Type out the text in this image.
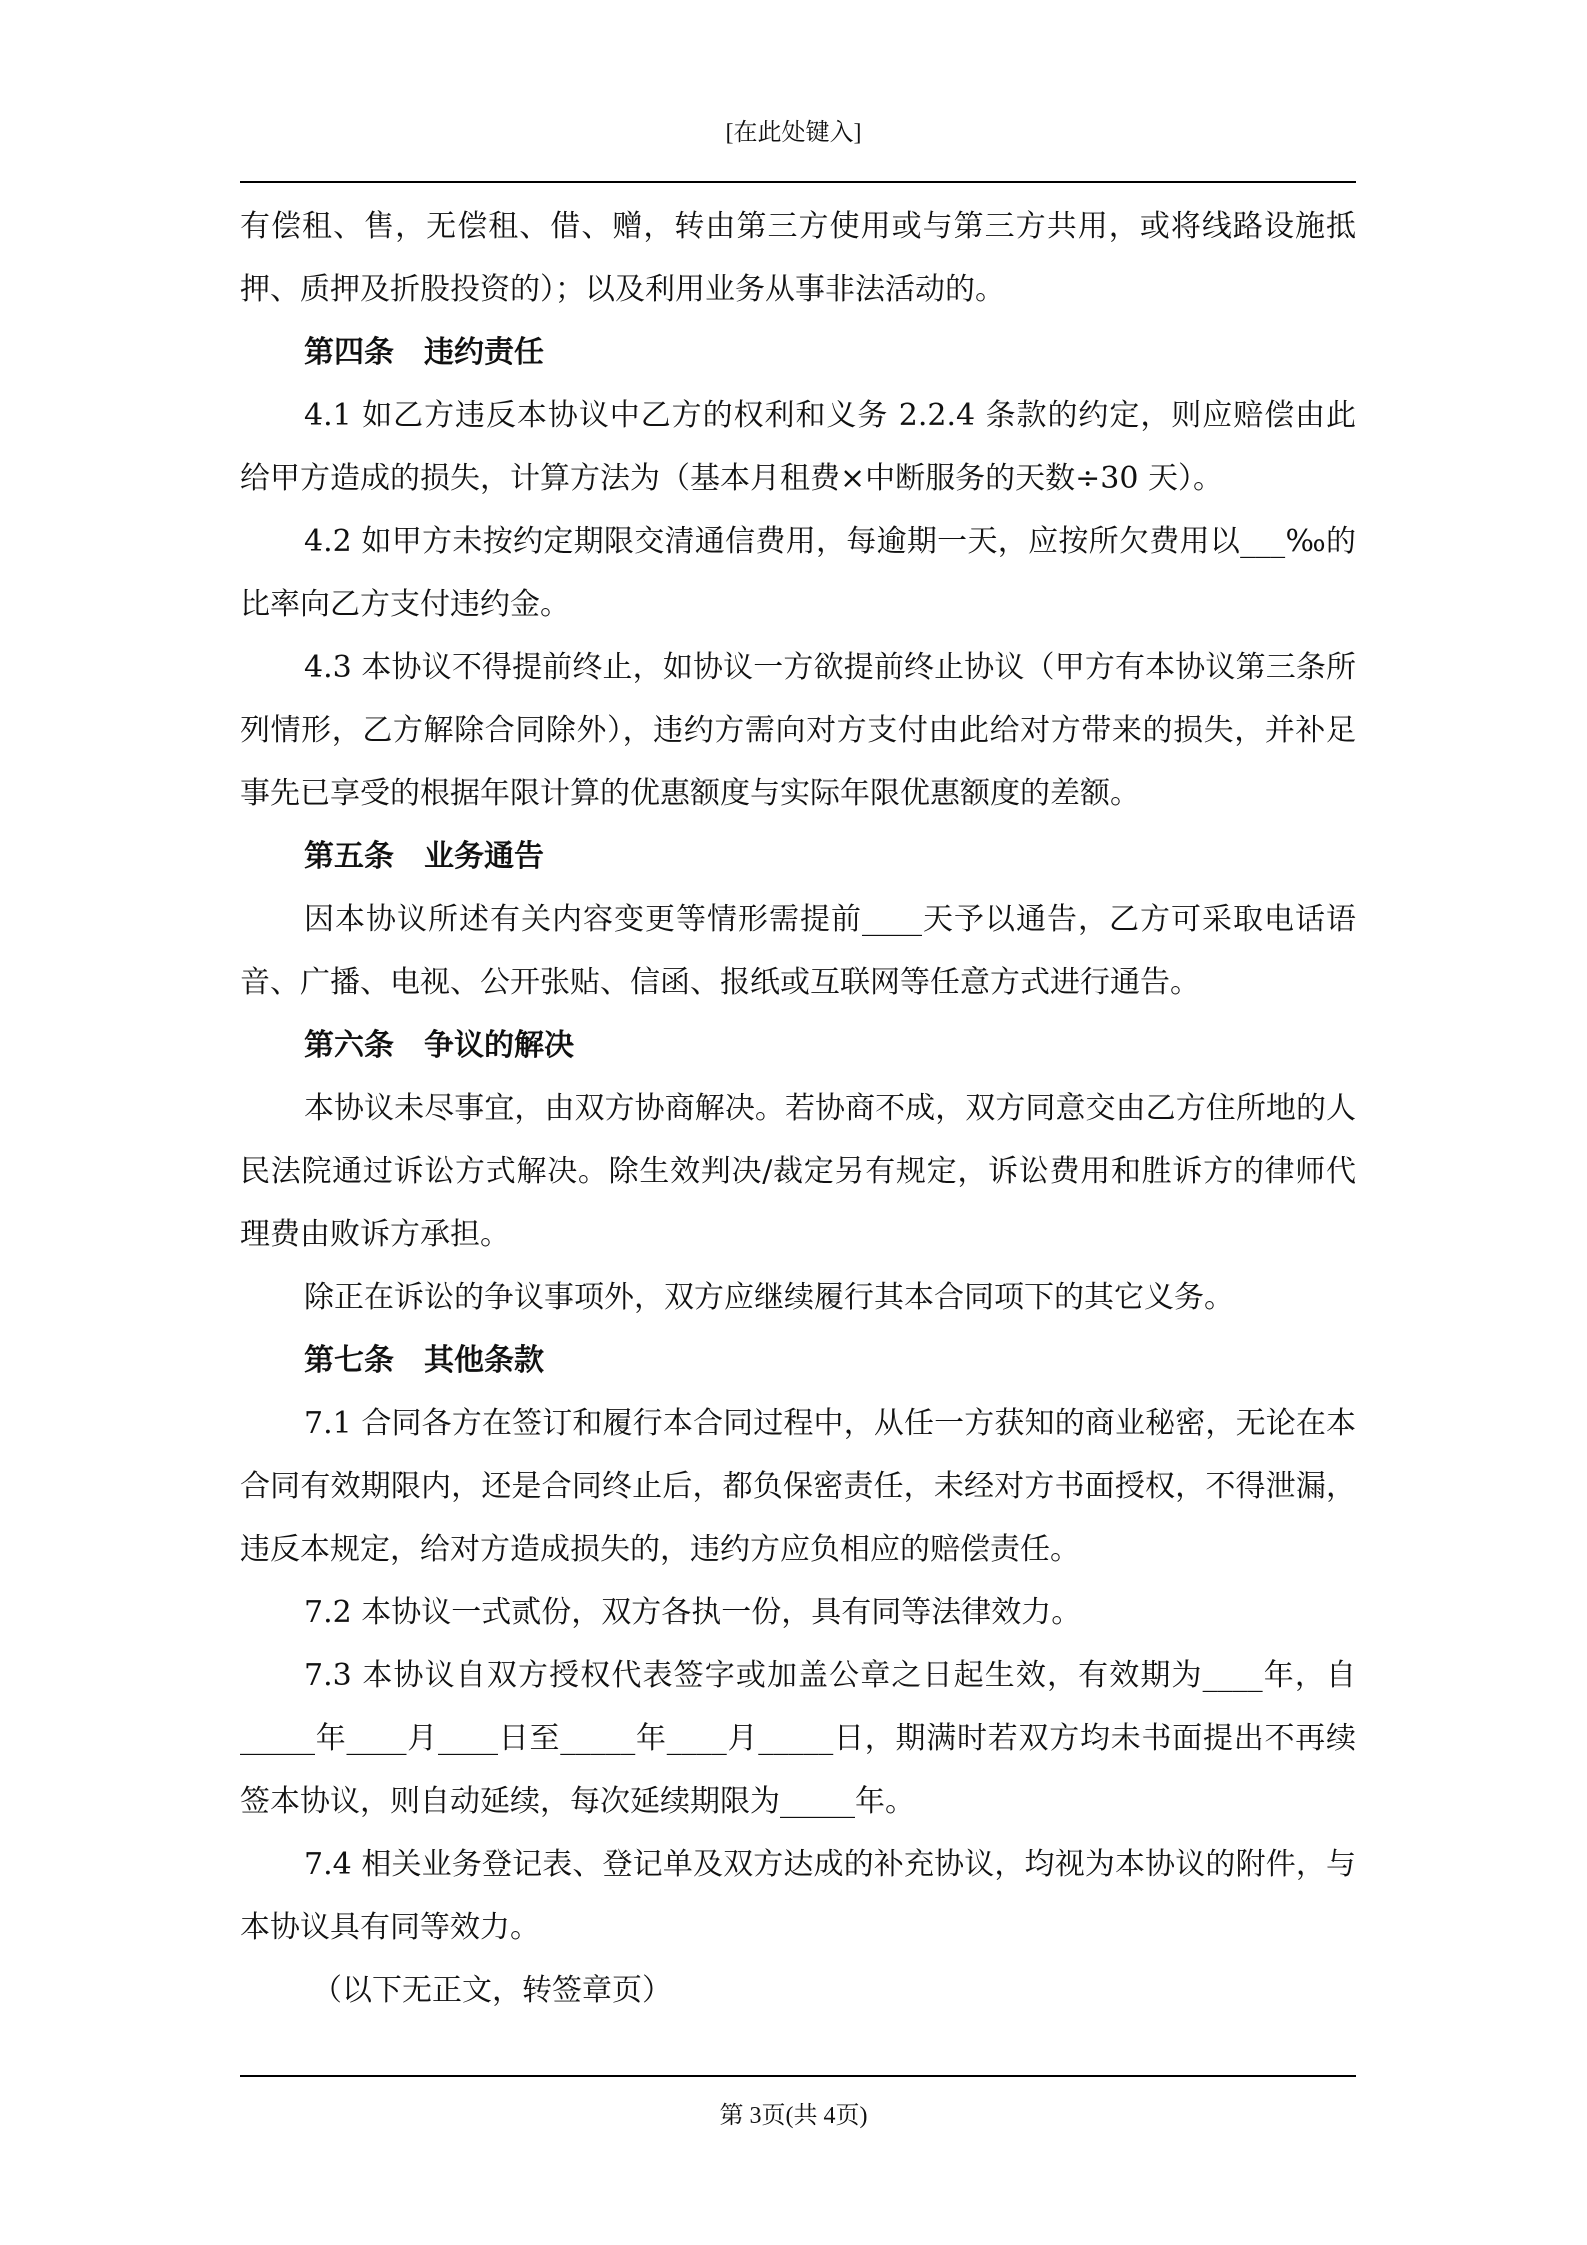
[在此处键入]

有偿租、售，无偿租、借、赠，转由第三方使用或与第三方共用，或将线路设施抵押、质押及折股投资的）；以及利用业务从事非法活动的。

第四条　违约责任

4.1 如乙方违反本协议中乙方的权利和义务 2.2.4 条款的约定，则应赔偿由此给甲方造成的损失，计算方法为（基本月租费×中断服务的天数÷30 天）。

4.2 如甲方未按约定期限交清通信费用，每逾期一天，应按所欠费用以___‰的比率向乙方支付违约金。

4.3 本协议不得提前终止，如协议一方欲提前终止协议（甲方有本协议第三条所列情形，乙方解除合同除外），违约方需向对方支付由此给对方带来的损失，并补足事先已享受的根据年限计算的优惠额度与实际年限优惠额度的差额。

第五条　业务通告

因本协议所述有关内容变更等情形需提前____天予以通告，乙方可采取电话语音、广播、电视、公开张贴、信函、报纸或互联网等任意方式进行通告。

第六条　争议的解决

本协议未尽事宜，由双方协商解决。若协商不成，双方同意交由乙方住所地的人民法院通过诉讼方式解决。除生效判决/裁定另有规定，诉讼费用和胜诉方的律师代理费由败诉方承担。

除正在诉讼的争议事项外，双方应继续履行其本合同项下的其它义务。

第七条　其他条款

7.1 合同各方在签订和履行本合同过程中，从任一方获知的商业秘密，无论在本合同有效期限内，还是合同终止后，都负保密责任，未经对方书面授权，不得泄漏，违反本规定，给对方造成损失的，违约方应负相应的赔偿责任。

7.2 本协议一式贰份，双方各执一份，具有同等法律效力。

7.3 本协议自双方授权代表签字或加盖公章之日起生效，有效期为____年，自_____年____月____日至_____年____月_____日，期满时若双方均未书面提出不再续签本协议，则自动延续，每次延续期限为_____年。

7.4 相关业务登记表、登记单及双方达成的补充协议，均视为本协议的附件，与本协议具有同等效力。

（以下无正文，转签章页）

第 3页(共 4页)
